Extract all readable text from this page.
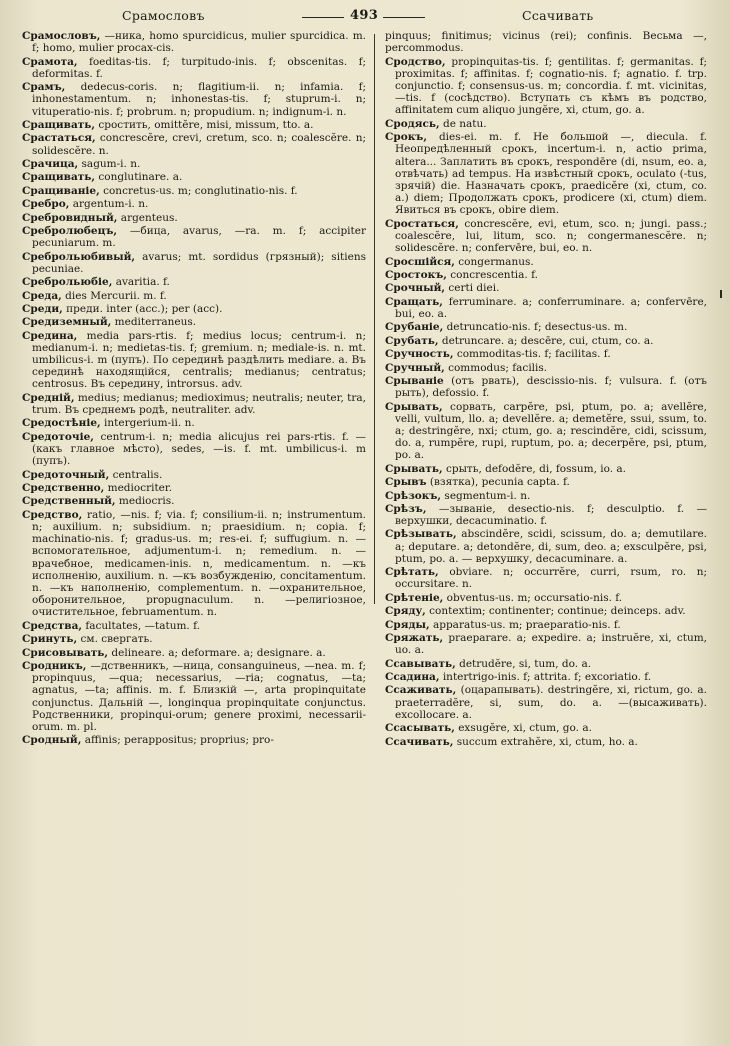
Срамословъ	493	Ссачивать
Срамословъ, —ника, homo spurcidicus, mulier spurcidica. m. f; homo, mulier procax-cis.
Срамота, foeditas-tis. f; turpitudo-inis. f; obscenitas. f; deformitas. f.
Срамъ, dedecus-coris. n; flagitium-ii. n; infamia. f; inhonestamentum. n; inhonestas-tis. f; stuprum-i. n; vituperatio-nis. f; probrum. n; propudium. n; indignum-i. n.
Сращивать, сростить, omittĕre, misi, missum, tto. a.
Срастаться, concrescĕre, crevi, cretum, sco. n; coalescĕre. n; solidescĕre. n.
Срачица, sagum-i. n.
Сращивать, conglutinare. a.
Сращиваніе, concretus-us. m; conglutinatio-nis. f.
Сребро, argentum-i. n.
Сребровидный, argenteus.
Сребролюбецъ, —бица, avarus, —ra. m. f; accipiter pecuniarum. m.
Среброльюбивый, avarus; mt. sordidus (грязный); sitiens pecuniae.
Среброльюбіе, avaritia. f.
Среда, dies Mercurii. m. f.
Среди, преди. inter (acc.); per (acc).
Средиземный, mediterraneus.
Средина, media pars-rtis. f; medius locus; centrum-i. n; medianum-i. n; medietas-tis. f; gremium. n; mediale-is. n. mt. umbilicus-i. m (пупъ). По серединѣ раздѣлить mediare. a. Въ серединѣ находящійся, centralis; medianus; centratus; centrosus. Въ середину, introrsus. adv.
Средній, medius; medianus; medioximus; neutralis; neuter, tra, trum. Въ среднемъ родѣ, neutraliter. adv.
Средостѣніе, intergerium-ii. n.
Средоточіе, centrum-i. n; media alicujus rei pars-rtis. f. —(какъ главное мѣсто), sedes, —is. f. mt. umbilicus-i. m (пупъ).
Средоточный, centralis.
Средственно, mediocriter.
Средственный, mediocris.
Средство, ratio, —nis. f; via. f; consilium-ii. n; instrumentum. n; auxilium. n; subsidium. n; praesidium. n; copia. f; machinatio-nis. f; gradus-us. m; res-ei. f; suffugium. n. — вспомогательное, adjumentum-i. n; remedium. n. — врачебное, medicamen-inis. n, medicamentum. n. —къ исполненію, auxilium. n. —къ возбужденію, concitamentum. n. —къ наполненію, complementum. n. —охранительное, оборонительное, propugnaculum. n. —peлигіозное, очистительное, februamentum. n.
Средства, facultates, —tatum. f.
Сринуть, см. свергать.
Срисовывать, delineare. a; deformare. a; designare. a.
Сродникъ, —дственникъ, —ница, consanguineus, —nea. m. f; propinquus, —qua; necessarius, —ria; cognatus, —ta; agnatus, —ta; affinis. m. f. Близкій —, arta propinquitate conjunctus. Дальній —, longinqua propinquitate conjunctus. Родственники, propinqui-orum; genere proximi, necessarii-orum. m. pl.
Сродный, affinis; perappositus; proprius; pro-
pinquus; finitimus; vicinus (rei); confinis. Весьма —, percommodus.
Сродство, propinquitas-tis. f; gentilitas. f; germanitas. f; proximitas. f; affinitas. f; cognatio-nis. f; agnatio. f. trp. conjunctio. f; consensus-us. m; concordia. f. mt. vicinitas, —tis. f (сосѣдство). Вступать съ кѣмъ въ родство, affinitatem cum aliquo jungĕre, xi, ctum, go. a.
Сродясь, de natu.
Срокъ, dies-ei. m. f. Не большой —, dieculа. f. Неопредѣленный срокъ, incertum-i. n, actio prima, altera... Заплатить въ срокъ, respondēre (di, nsum, eo. a, отвѣчать) ad tempus. На извѣстный срокъ, oculato (-tus, зрячій) die. Назначать срокъ, praedicĕre (xi, ctum, co. a.) diem; Продолжать срокъ, prodicere (xi, ctum) diem. Явиться въ срокъ, obire diem.
Сростаться, concrescĕre, evi, etum, sco. n; jungi. pass.; coalescĕre, lui, litum, sco. n; congermanescĕre. n; solidescĕre. n; confervēre, bui, eo. n.
Сросшійся, congermanus.
Сростокъ, concrescentia. f.
Срочный, certi diei.
Сращать, ferruminare. a; conferruminare. a; confervēre, bui, eo. a.
Срубаніе, detruncatio-nis. f; desectus-us. m.
Срубать, detruncare. a; descēre, cui, ctum, co. a.
Сручность, commoditas-tis. f; facilitas. f.
Сручный, commodus; facilis.
Срываніе (отъ рвать), descissio-nis. f; vulsura. f. (отъ рыть), defossio. f.
Срывать, сорвать, carpĕre, psi, ptum, po. a; avellĕre, velli, vultum, llo. a; devellĕre. a; demetĕre, ssui, ssum, to. a; destringĕre, nxi; ctum, go. a; rescindĕre, cidi, scissum, do. a, rumpĕre, rupi, ruptum, po. a; decerpĕre, psi, ptum, po. a.
Срывать, срыть, defodĕre, di, fossum, io. a.
Срывъ (взятка), pecunia capta. f.
Срѣзокъ, segmentum-i. n.
Срѣзъ, —зываніе, desectio-nis. f; desculptio. f. — верхушки, decacuminatio. f.
Срѣзывать, abscindĕre, scidi, scissum, do. a; demutilare. a; deputare. a; detondĕre, di, sum, deo. a; exsculpĕre, psi, ptum, po. a. — верхушку, decacuminare. a.
Срѣтать, obviare. n; occurrĕre, curri, rsum, ro. n; occursitare. n.
Срѣтеніе, obventus-us. m; occursatio-nis. f.
Сряду, contextim; continenter; continue; deinceps. adv.
Сряды, apparatus-us. m; praeparatio-nis. f.
Сряжать, praeparare. a; expedire. a; instruĕre, xi, ctum, uo. a.
Ссавывать, detrudĕre, si, tum, do. a.
Ссадина, intertrigo-inis. f; attrita. f; excoriatio. f.
Ссаживать, (оцарапывать). destringĕre, xi, rictum, go. a. praeterradĕre, si, sum, do. a. —(высаживать). excollocare. a.
Ссасывать, exsugĕre, xi, ctum, go. a.
Ссачивать, succum extrahĕre, xi, ctum, ho. a.
